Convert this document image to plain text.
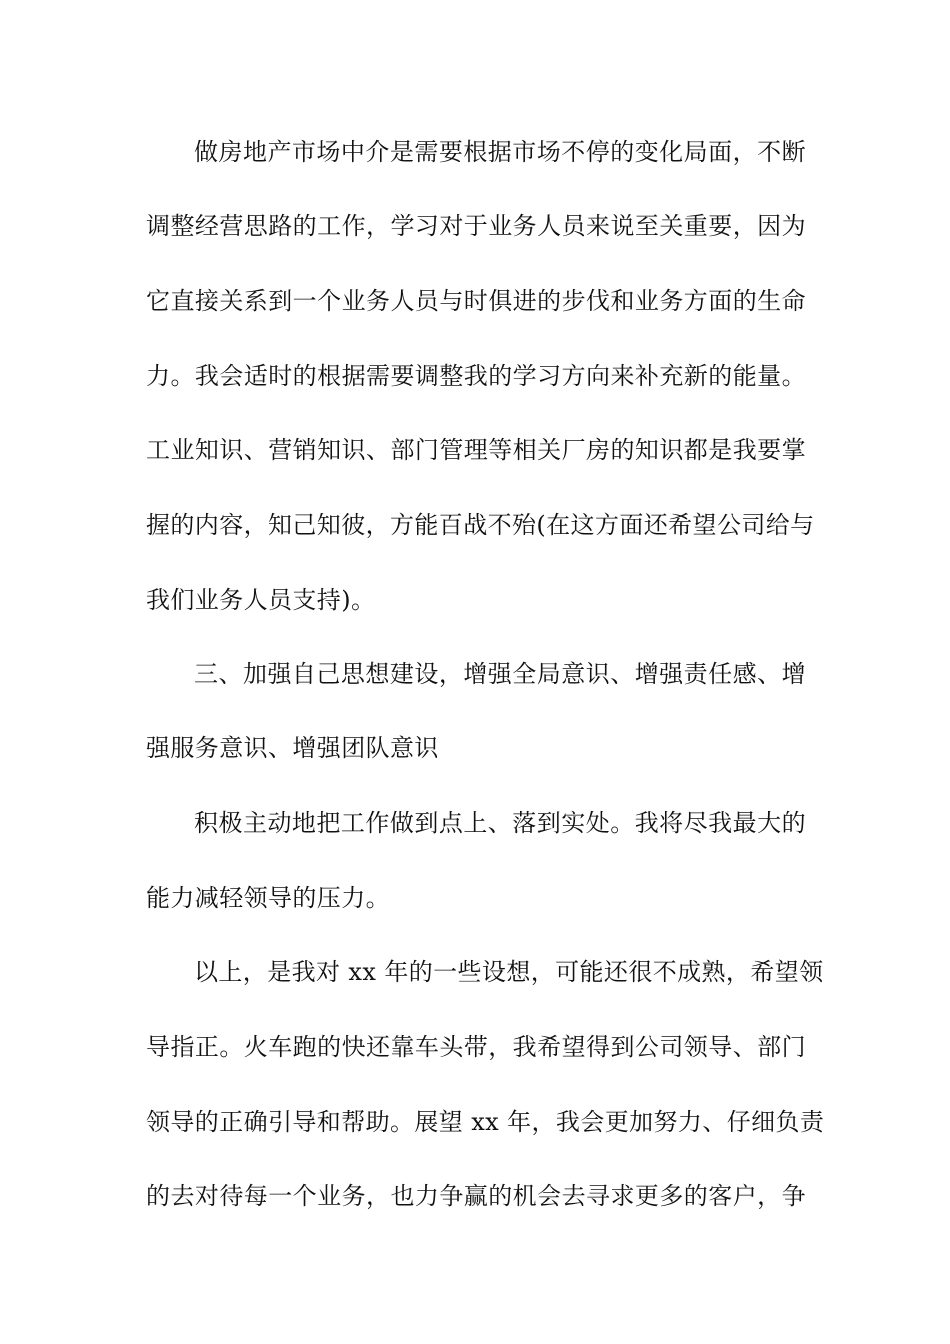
做房地产市场中介是需要根据市场不停的变化局面，不断
调整经营思路的工作，学习对于业务人员来说至关重要，因为
它直接关系到一个业务人员与时俱进的步伐和业务方面的生命
力。我会适时的根据需要调整我的学习方向来补充新的能量。
工业知识、营销知识、部门管理等相关厂房的知识都是我要掌
握的内容，知己知彼，方能百战不殆(在这方面还希望公司给与
我们业务人员支持)。
三、加强自己思想建设，增强全局意识、增强责任感、增
强服务意识、增强团队意识
积极主动地把工作做到点上、落到实处。我将尽我最大的
能力减轻领导的压力。
以上，是我对 xx 年的一些设想，可能还很不成熟，希望领
导指正。火车跑的快还靠车头带，我希望得到公司领导、部门
领导的正确引导和帮助。展望 xx 年，我会更加努力、仔细负责
的去对待每一个业务，也力争赢的机会去寻求更多的客户，争
